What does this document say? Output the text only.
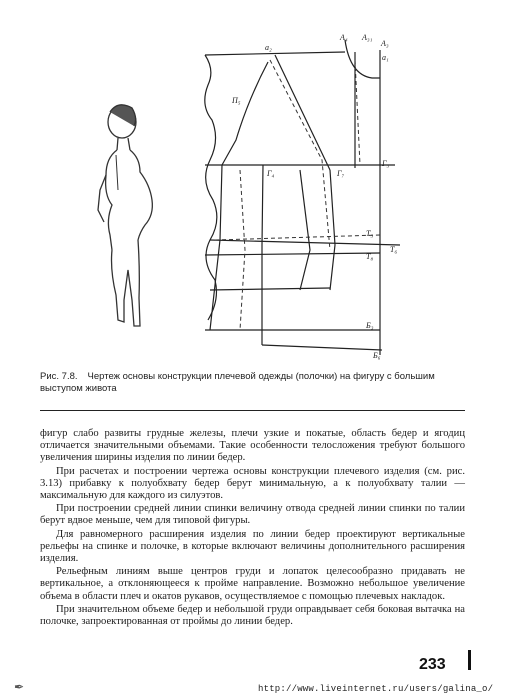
a₂
A₄ A₃₁
A₃
a₁
П₅
Г₄	Г₇
Г₃
Т₃
Т₆
Т₈
Б₃
Б₆
Рис. 7.8. Чертеж основы конструкции плечевой одежды (полочки) на фигуру с большим выступом живота

фигур слабо развиты грудные железы, плечи узкие и покатые, область бедер и ягодиц отличается значительными объемами. Такие особенности телосложения требуют большого увеличения ширины изделия по линии бедер.

При расчетах и построении чертежа основы конструкции плечевого изделия (см. рис. 3.13) прибавку к полуобхвату бедер берут минимальную, а к полуобхвату талии — максимальную для каждого из силуэтов.

При построении средней линии спинки величину отвода средней линии спинки по талии берут вдвое меньше, чем для типовой фигуры.

Для равномерного расширения изделия по линии бедер проектируют вертикальные рельефы на спинке и полочке, в которые включают величины дополнительного расширения изделия.

Рельефным линиям выше центров груди и лопаток целесообразно придавать не вертикальное, а отклоняющееся к пройме направление. Возможно небольшое увеличение объема в области плеч и окатов рукавов, осуществляемое с помощью плечевых накладок.

При значительном объеме бедер и небольшой груди оправдывает себя боковая вытачка на полочке, запроектированная от проймы до линии бедер.

233
✒	http://www.liveinternet.ru/users/galina_o/
